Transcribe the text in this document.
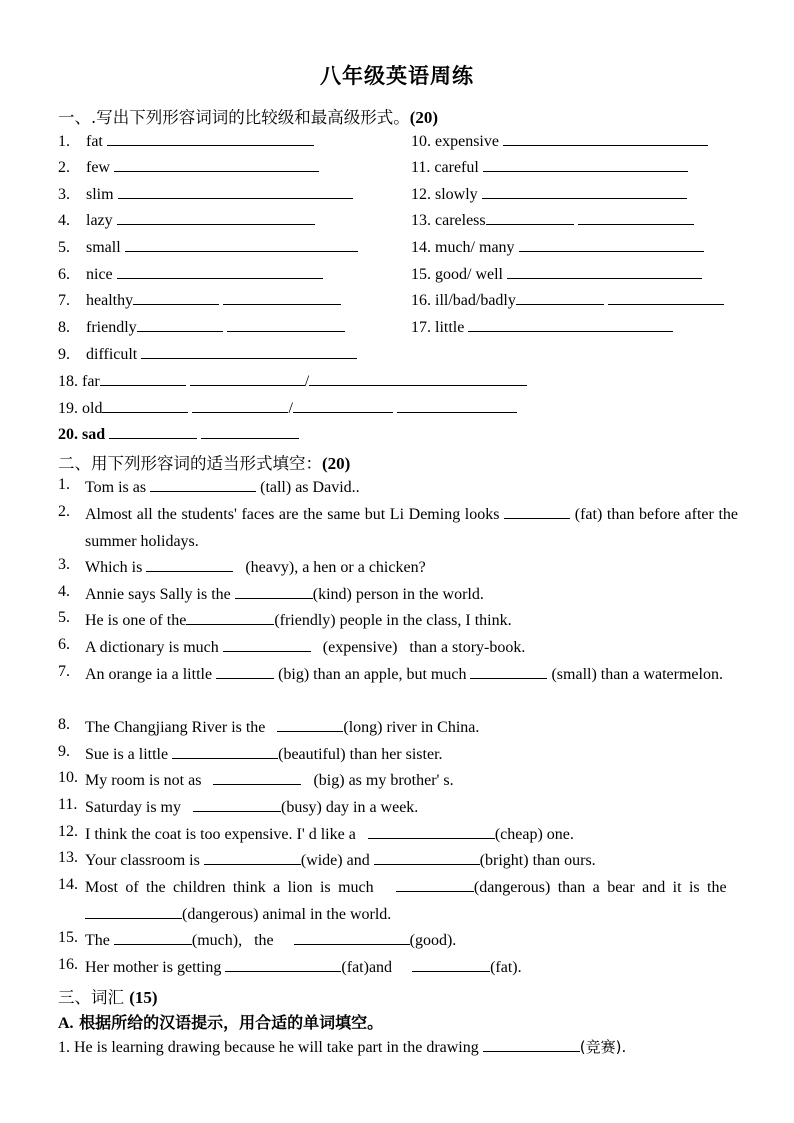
八年级英语周练
一、.写出下列形容词词的比较级和最高级形式。(20)
1. fat
2. few
3. slim
4. lazy
5. small
6. nice
7. healthy
8. friendly
9. difficult
10. expensive
11. careful
12. slowly
13. careless
14. much/ many
15. good/ well
16. ill/bad/badly
17. little
18. far	/
19. old	/
20. sad
二、用下列形容词的适当形式填空：(20)
1. Tom is as	(tall) as David..
2. Almost all the students' faces are the same but Li Deming looks	(fat) than before after the summer holidays.
3. Which is	(heavy), a hen or a chicken?
4. Annie says Sally is the	(kind) person in the world.
5. He is one of the	(friendly) people in the class, I think.
6. A dictionary is much	(expensive) than a story-book.
7. An orange ia a little	(big) than an apple, but much	(small) than a watermelon.
8. The Changjiang River is the	(long) river in China.
9. Sue is a little	(beautiful) than her sister.
10. My room is not as	(big) as my brother' s.
11. Saturday is my	(busy) day in a week.
12. I think the coat is too expensive. I' d like a	(cheap) one.
13. Your classroom is	(wide) and	(bright) than ours.
14. Most of the children think a lion is much	(dangerous) than a bear and it is the   (dangerous) animal in the world.
15. The	(much), the	(good).
16. Her mother is getting	(fat)and	(fat).
三、词汇 (15)
A. 根据所给的汉语提示，用合适的单词填空。
1. He is learning drawing because he will take part in the drawing	(竞赛).
